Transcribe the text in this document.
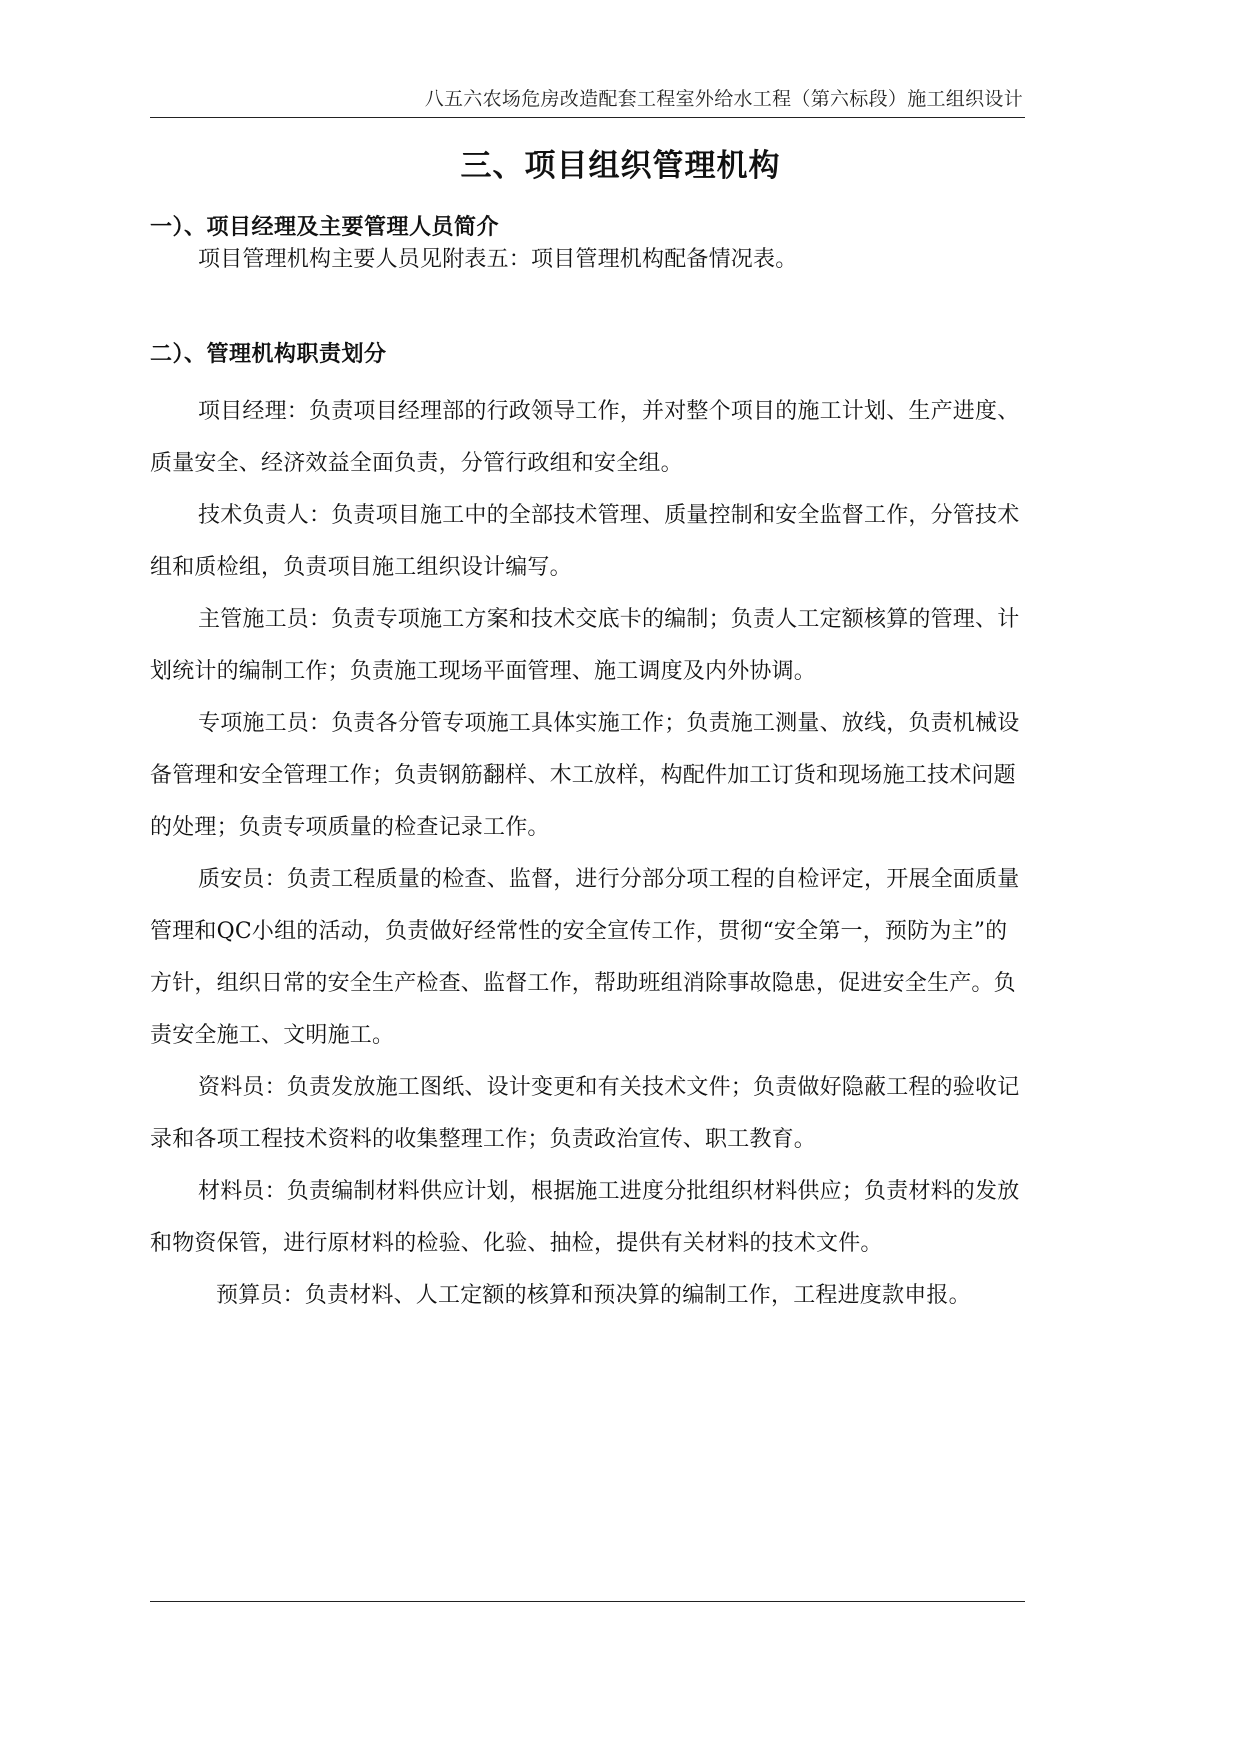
八五六农场危房改造配套工程室外给水工程（第六标段）施工组织设计
三、项目组织管理机构
一）、项目经理及主要管理人员简介
项目管理机构主要人员见附表五：项目管理机构配备情况表。
二）、管理机构职责划分
项目经理：负责项目经理部的行政领导工作，并对整个项目的施工计划、生产进度、质量安全、经济效益全面负责，分管行政组和安全组。
技术负责人：负责项目施工中的全部技术管理、质量控制和安全监督工作，分管技术组和质检组，负责项目施工组织设计编写。
主管施工员：负责专项施工方案和技术交底卡的编制；负责人工定额核算的管理、计划统计的编制工作；负责施工现场平面管理、施工调度及内外协调。
专项施工员：负责各分管专项施工具体实施工作；负责施工测量、放线，负责机械设备管理和安全管理工作；负责钢筋翻样、木工放样，构配件加工订货和现场施工技术问题的处理；负责专项质量的检查记录工作。
质安员：负责工程质量的检查、监督，进行分部分项工程的自检评定，开展全面质量管理和QC小组的活动，负责做好经常性的安全宣传工作，贯彻“安全第一，预防为主”的方针，组织日常的安全生产检查、监督工作，帮助班组消除事故隐患，促进安全生产。负责安全施工、文明施工。
资料员：负责发放施工图纸、设计变更和有关技术文件；负责做好隐蔽工程的验收记录和各项工程技术资料的收集整理工作；负责政治宣传、职工教育。
材料员：负责编制材料供应计划，根据施工进度分批组织材料供应；负责材料的发放和物资保管，进行原材料的检验、化验、抽检，提供有关材料的技术文件。
预算员：负责材料、人工定额的核算和预决算的编制工作，工程进度款申报。
